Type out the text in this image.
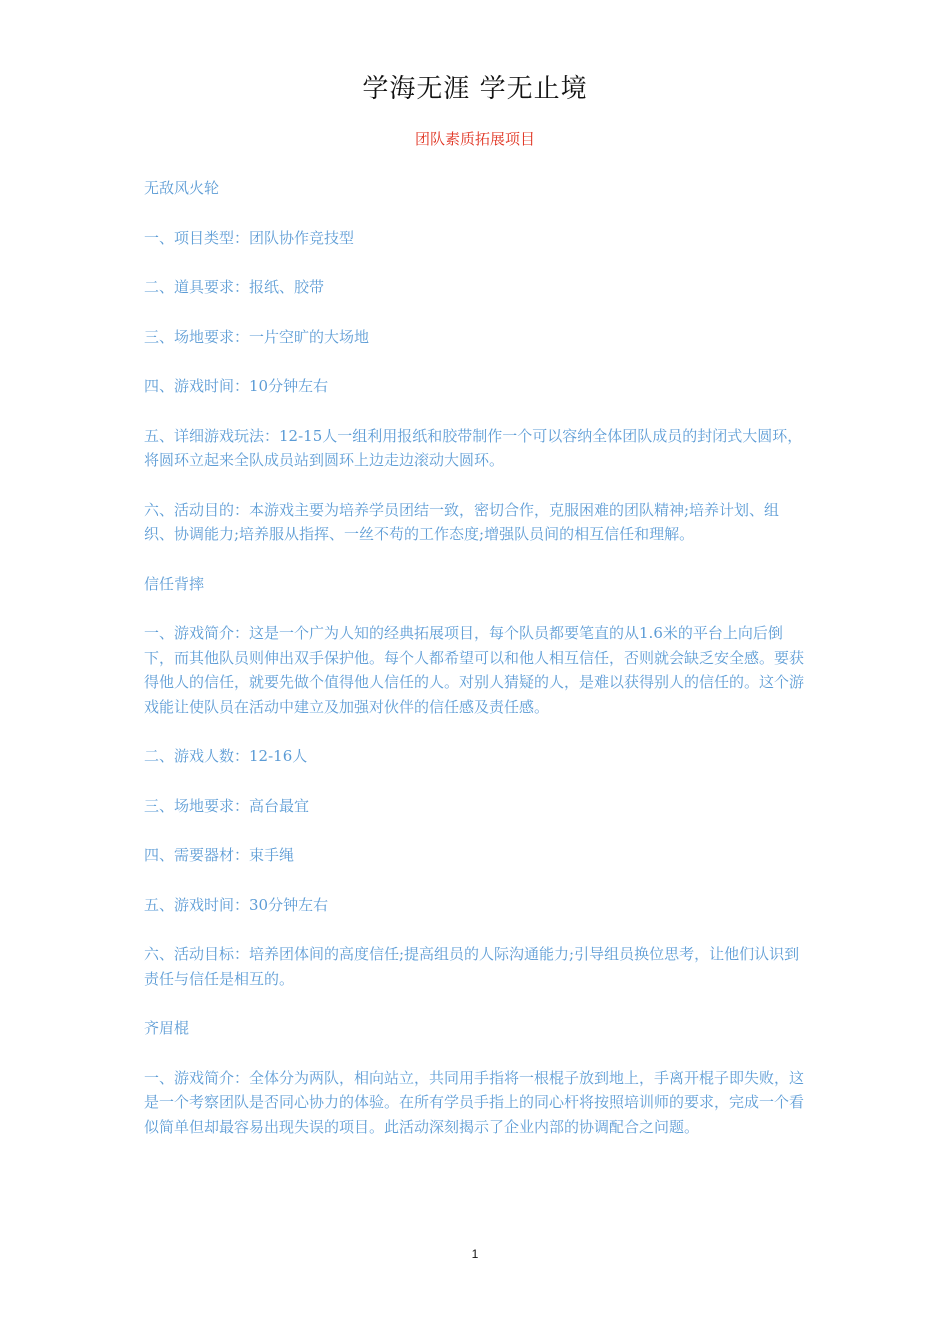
学海无涯 学无止境
团队素质拓展项目

无敌风火轮

一、项目类型：团队协作竞技型

二、道具要求：报纸、胶带

三、场地要求：一片空旷的大场地

四、游戏时间：10分钟左右

五、详细游戏玩法：12-15人一组利用报纸和胶带制作一个可以容纳全体团队成员的封闭式大圆环，将圆环立起来全队成员站到圆环上边走边滚动大圆环。

六、活动目的：本游戏主要为培养学员团结一致，密切合作，克服困难的团队精神;培养计划、组织、协调能力;培养服从指挥、一丝不苟的工作态度;增强队员间的相互信任和理解。

信任背摔

一、游戏简介：这是一个广为人知的经典拓展项目，每个队员都要笔直的从1.6米的平台上向后倒下，而其他队员则伸出双手保护他。每个人都希望可以和他人相互信任，否则就会缺乏安全感。要获得他人的信任，就要先做个值得他人信任的人。对别人猜疑的人，是难以获得别人的信任的。这个游戏能让使队员在活动中建立及加强对伙伴的信任感及责任感。

二、游戏人数：12-16人

三、场地要求：高台最宜

四、需要器材：束手绳

五、游戏时间：30分钟左右

六、活动目标：培养团体间的高度信任;提高组员的人际沟通能力;引导组员换位思考，让他们认识到责任与信任是相互的。

齐眉棍

一、游戏简介：全体分为两队，相向站立，共同用手指将一根棍子放到地上，手离开棍子即失败，这是一个考察团队是否同心协力的体验。在所有学员手指上的同心杆将按照培训师的要求，完成一个看似简单但却最容易出现失误的项目。此活动深刻揭示了企业内部的协调配合之问题。

1
